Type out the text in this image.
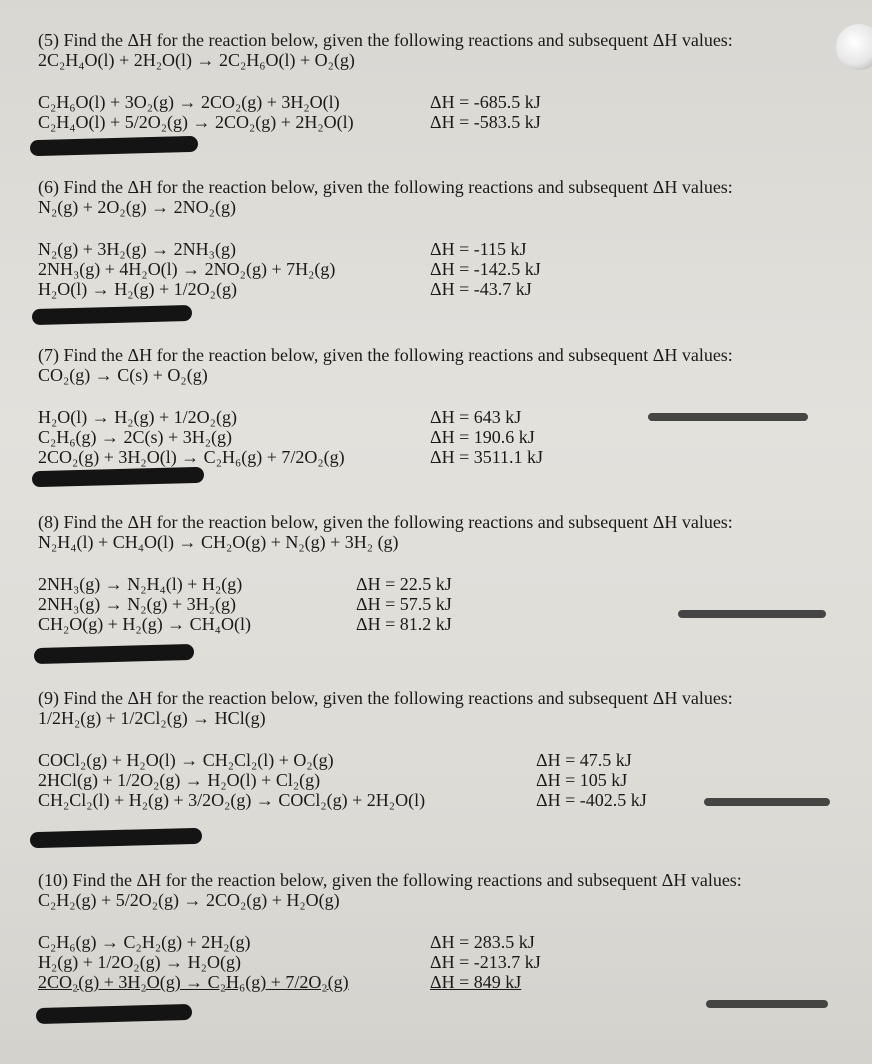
(5) Find the ΔH for the reaction below, given the following reactions and subsequent ΔH values:
2C₂H₄O(l) + 2H₂O(l) → 2C₂H₆O(l) + O₂(g)
C₂H₆O(l) + 3O₂(g) → 2CO₂(g) + 3H₂O(l)	ΔH = -685.5 kJ
C₂H₄O(l) + 5/2O₂(g) → 2CO₂(g) + 2H₂O(l)	ΔH = -583.5 kJ
(6) Find the ΔH for the reaction below, given the following reactions and subsequent ΔH values:
N₂(g) + 2O₂(g) → 2NO₂(g)
N₂(g) + 3H₂(g) → 2NH₃(g)	ΔH = -115 kJ
2NH₃(g) + 4H₂O(l) → 2NO₂(g) + 7H₂(g)	ΔH = -142.5 kJ
H₂O(l) → H₂(g) + 1/2O₂(g)	ΔH = -43.7 kJ
(7) Find the ΔH for the reaction below, given the following reactions and subsequent ΔH values:
CO₂(g) → C(s) + O₂(g)
H₂O(l) → H₂(g) + 1/2O₂(g)	ΔH = 643 kJ
C₂H₆(g) → 2C(s) + 3H₂(g)	ΔH = 190.6 kJ
2CO₂(g) + 3H₂O(l) → C₂H₆(g) + 7/2O₂(g)	ΔH = 3511.1 kJ
(8) Find the ΔH for the reaction below, given the following reactions and subsequent ΔH values:
N₂H₄(l) + CH₄O(l) → CH₂O(g) + N₂(g) + 3H₂ (g)
2NH₃(g) → N₂H₄(l) + H₂(g)	ΔH = 22.5 kJ
2NH₃(g) → N₂(g) + 3H₂(g)	ΔH = 57.5 kJ
CH₂O(g) + H₂(g) → CH₄O(l)	ΔH = 81.2 kJ
(9) Find the ΔH for the reaction below, given the following reactions and subsequent ΔH values:
1/2H₂(g) + 1/2Cl₂(g) → HCl(g)
COCl₂(g) + H₂O(l) → CH₂Cl₂(l) + O₂(g)	ΔH = 47.5 kJ
2HCl(g) + 1/2O₂(g) → H₂O(l) + Cl₂(g)	ΔH = 105 kJ
CH₂Cl₂(l) + H₂(g) + 3/2O₂(g) → COCl₂(g) + 2H₂O(l)	ΔH = -402.5 kJ
(10) Find the ΔH for the reaction below, given the following reactions and subsequent ΔH values:
C₂H₂(g) + 5/2O₂(g) → 2CO₂(g) + H₂O(g)
C₂H₆(g) → C₂H₂(g) + 2H₂(g)	ΔH = 283.5 kJ
H₂(g) + 1/2O₂(g) → H₂O(g)	ΔH = -213.7 kJ
2CO₂(g) + 3H₂O(g) → C₂H₆(g) + 7/2O₂(g)	ΔH = 849 kJ
